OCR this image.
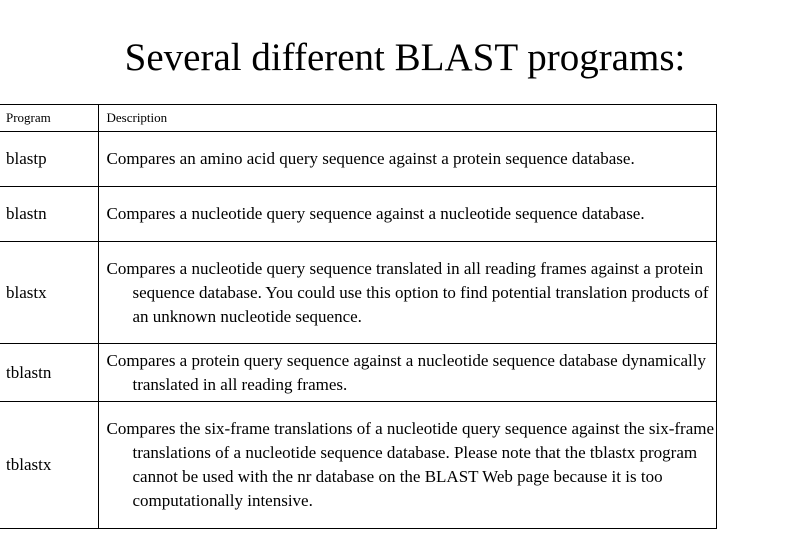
Several different BLAST programs:
Program	Description
blastp	Compares an amino acid query sequence against a protein sequence database.

blastn	Compares a nucleotide query sequence against a nucleotide sequence database.

blastx	Compares a nucleotide query sequence translated in all reading frames against a protein sequence database. You could use this option to find potential translation products of an unknown nucleotide sequence.

tblastn	Compares a protein query sequence against a nucleotide sequence database dynamically translated in all reading frames.

tblastx	Compares the six-frame translations of a nucleotide query sequence against the six-frame translations of a nucleotide sequence database. Please note that the tblastx program cannot be used with the nr database on the BLAST Web page because it is too computationally intensive.
